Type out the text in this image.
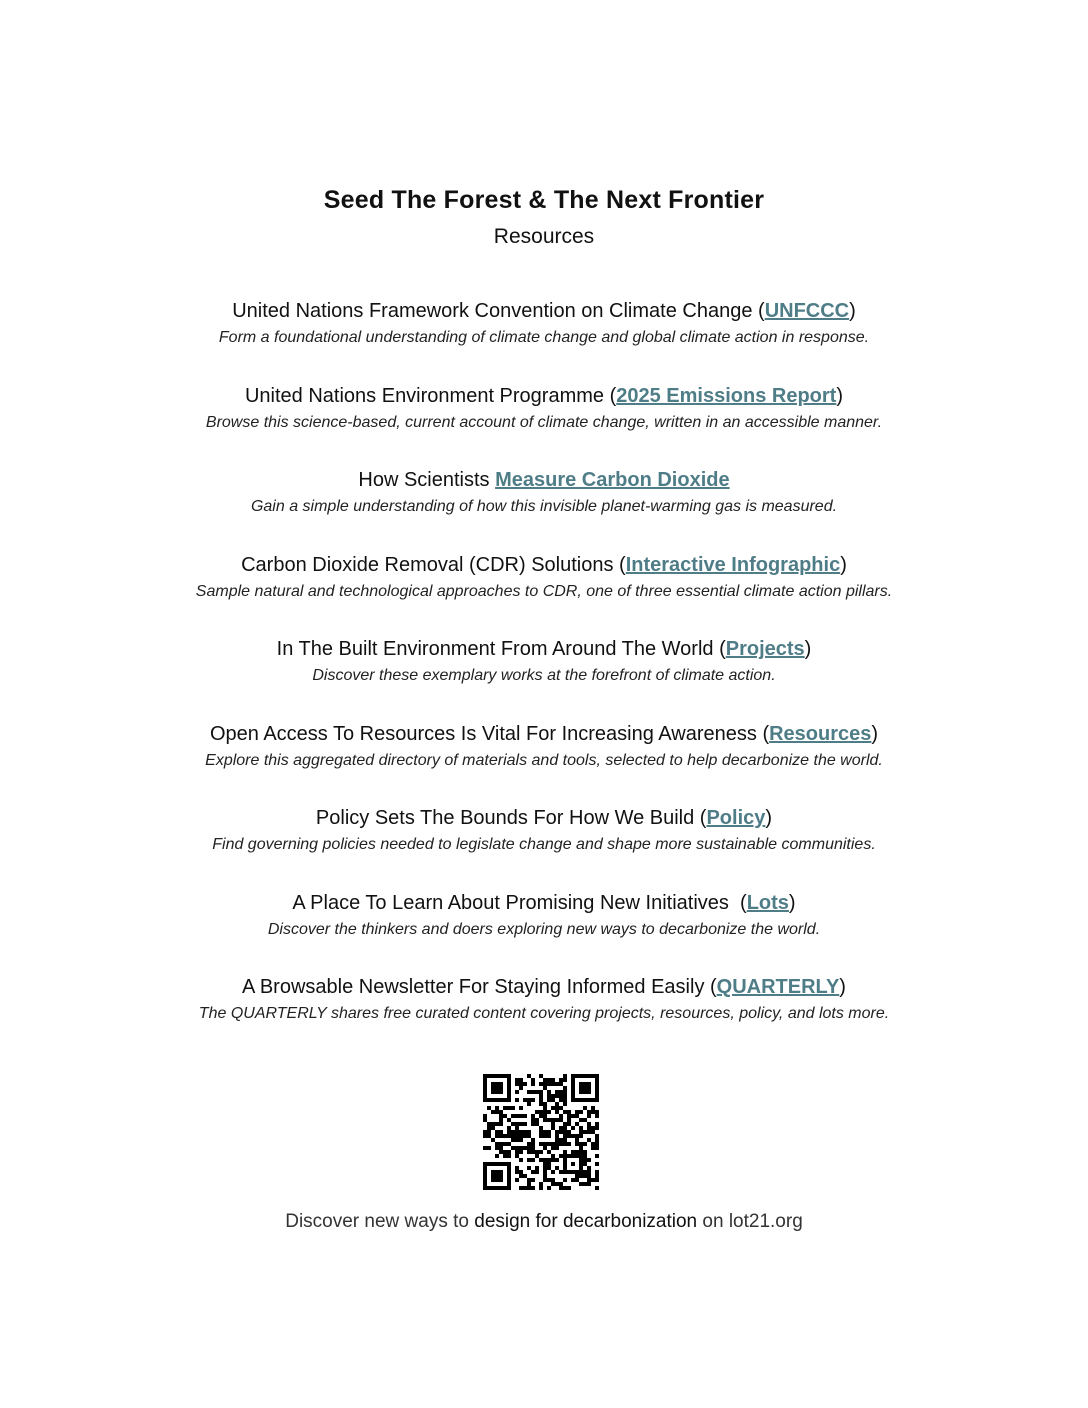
Seed The Forest & The Next Frontier
Resources
United Nations Framework Convention on Climate Change (UNFCCC)
Form a foundational understanding of climate change and global climate action in response.
United Nations Environment Programme (2025 Emissions Report)
Browse this science-based, current account of climate change, written in an accessible manner.
How Scientists Measure Carbon Dioxide
Gain a simple understanding of how this invisible planet-warming gas is measured.
Carbon Dioxide Removal (CDR) Solutions (Interactive Infographic)
Sample natural and technological approaches to CDR, one of three essential climate action pillars.
In The Built Environment From Around The World (Projects)
Discover these exemplary works at the forefront of climate action.
Open Access To Resources Is Vital For Increasing Awareness (Resources)
Explore this aggregated directory of materials and tools, selected to help decarbonize the world.
Policy Sets The Bounds For How We Build (Policy)
Find governing policies needed to legislate change and shape more sustainable communities.
A Place To Learn About Promising New Initiatives  (Lots)
Discover the thinkers and doers exploring new ways to decarbonize the world.
A Browsable Newsletter For Staying Informed Easily (QUARTERLY)
The QUARTERLY shares free curated content covering projects, resources, policy, and lots more.
Discover new ways to design for decarbonization on lot21.org
